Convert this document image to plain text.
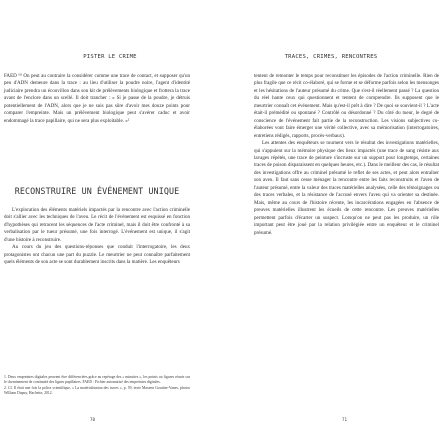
PISTER LE CRIME

FAED ¹⁰ On peut au contraire la considérer comme une trace de contact, et supposer qu'un peu d'ADN demeure dans la trace : au lieu d'utiliser la poudre noire, l'agent d'identité judiciaire prendra un écouvillon dans son kit de prélèvements biologique et frottera la trace avant de l'enclore dans un scellé. Il doit trancher : « Si je passe de la poudre, je détruis potentiellement de l'ADN, alors que je ne suis pas sûre d'avoir mes douze points pour comparer l'empreinte. Mais un prélèvement biologique peut s'avérer caduc et avoir endommagé la trace papillaire, qui ne sera plus exploitable. »²

RECONSTRUIRE UN ÉVÉNEMENT UNIQUE

L'exploration des éléments matériels impactés par la rencontre avec l'action criminelle doit s'allier avec les techniques de l'aveu. Le récit de l'événement est esquissé en fonction d'hypothèses qui retracent les séquences de l'acte criminel, mais il doit être confronté à sa verbalisation par le tueur présumé, une fois interrogé. L'événement est unique, il s'agit d'une histoire à reconstruire.

Au cours du jeu des questions-réponses que conduit l'interrogatoire, les deux protagonistes ont chacun une part du puzzle. Le meurtrier ne peut connaître parfaitement quels éléments de son acte se sont durablement inscrits dans la matière. Les enquêteurs

1. Deux empreintes digitales peuvent être différenciées grâce au repérage des « minuties », les points ou figures réunis sur le cheminement de continuité des lignes papillaires. FAED : Fichier automatisé des empreintes digitales.

2. Cf. Il était une fois la police scientifique, « La matérialisation des traces », p. 59, texte Maxeen Gouttier-Vanes, photos William Dupuy, Hachette, 2012.

70
TRACES, CRIMES, RENCONTRES

tentent de remonter le temps pour reconstituer les épisodes de l'action criminelle. Rien de plus fragile que ce récit co-élaboré, qui se forme et se déforme parfois selon les mensonges et les hésitations de l'auteur présumé du crime. Que s'est-il réellement passé ? La question du réel hante ceux qui questionnent et tentent de comprendre. Ils supposent que le meurtrier connaît cet événement. Mais qu'est-il prêt à dire ? De quoi se souvient-il ? L'acte était-il prémédité ou spontané ? Contrôlé ou désordonné ? Du côté du tueur, le degré de conscience de l'événement fait partie de la reconstruction. Les visions subjectives co-élaborées vont faire émerger une vérité collective, avec sa mémorisation (interrogatoires, entretiens rédigés, rapports, procès-verbaux).

Les attentes des enquêteurs se tournent vers le résultat des investigations matérielles, qui s'appuient sur la mémoire physique des lieux impactés (une trace de sang résiste aux lavages répétés, une trace de peinture s'incruste sur un support pour longtemps, certaines traces de poison disparaissent en quelques heures, etc.). Dans le meilleur des cas, le résultat des investigations offre au criminel présumé le reflet de ses actes, et peut alors entraîner son aveu. Il faut sans cesse ménager la rencontre entre les faits reconstruits et l'aveu de l'auteur présumé, entre la valeur des traces matérielles analysées, celle des témoignages ou des traces verbales, et la résistance de l'accusé envers l'aveu qui va orienter sa destinée. Mais, même au cours de l'histoire récente, les incarcérations engagées en l'absence de preuves matérielles illustrent les écueils de cette rencontre. Les preuves matérielles permettent parfois d'écarter un suspect. Lorsqu'on ne peut pas les produire, un rôle important peut être joué par la relation privilégiée entre un enquêteur et le criminel présumé.

71
